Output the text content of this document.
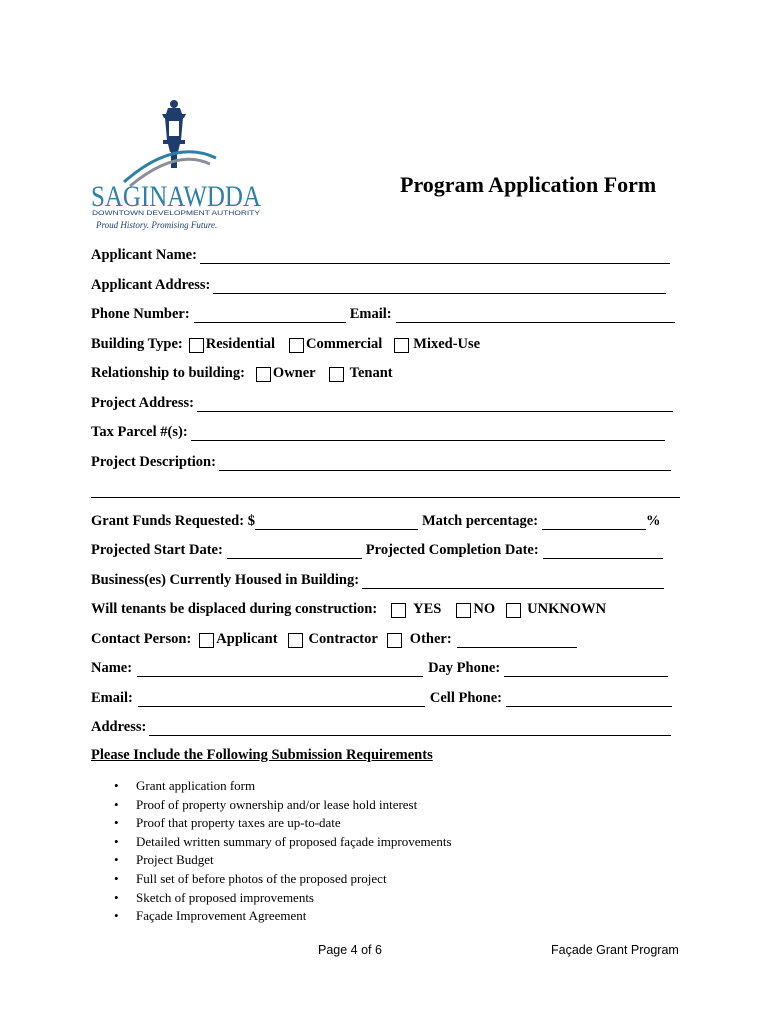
SAGINAWDDA
DOWNTOWN DEVELOPMENT AUTHORITY
Proud History. Promising Future.
Program Application Form
Applicant Name:
Applicant Address:
Phone Number:	Email:
Building Type: Residential Commercial Mixed-Use
Relationship to building: Owner Tenant
Project Address:
Tax Parcel #(s):
Project Description:
Grant Funds Requested: $	Match percentage:	%
Projected Start Date:	Projected Completion Date:
Business(es) Currently Housed in Building:
Will tenants be displaced during construction: YES NO UNKNOWN
Contact Person: Applicant Contractor Other:
Name:	Day Phone:
Email:	Cell Phone:
Address:
Please Include the Following Submission Requirements
• Grant application form
• Proof of property ownership and/or lease hold interest
• Proof that property taxes are up-to-date
• Detailed written summary of proposed façade improvements
• Project Budget
• Full set of before photos of the proposed project
• Sketch of proposed improvements
• Façade Improvement Agreement
Page 4 of 6	Façade Grant Program
